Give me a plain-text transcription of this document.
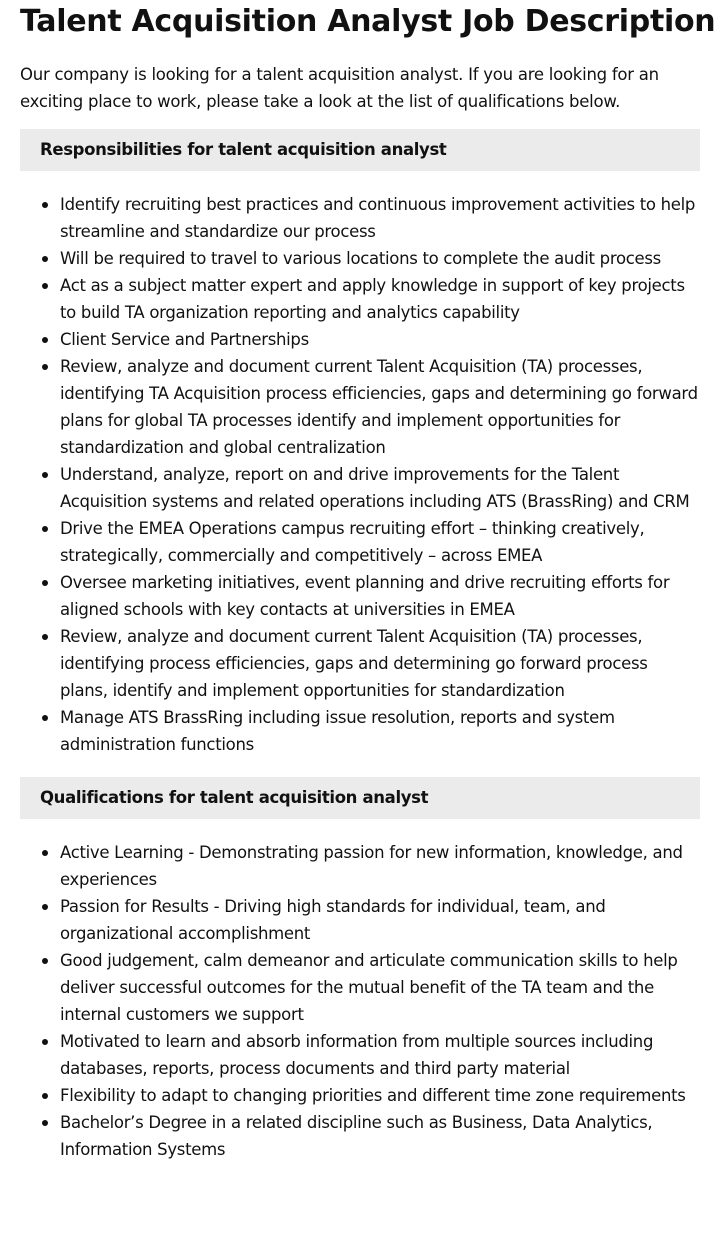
Talent Acquisition Analyst Job Description

Our company is looking for a talent acquisition analyst. If you are looking for an exciting place to work, please take a look at the list of qualifications below.

Responsibilities for talent acquisition analyst
Identify recruiting best practices and continuous improvement activities to help streamline and standardize our process
Will be required to travel to various locations to complete the audit process
Act as a subject matter expert and apply knowledge in support of key projects to build TA organization reporting and analytics capability
Client Service and Partnerships
Review, analyze and document current Talent Acquisition (TA) processes, identifying TA Acquisition process efficiencies, gaps and determining go forward plans for global TA processes identify and implement opportunities for standardization and global centralization
Understand, analyze, report on and drive improvements for the Talent Acquisition systems and related operations including ATS (BrassRing) and CRM
Drive the EMEA Operations campus recruiting effort – thinking creatively, strategically, commercially and competitively – across EMEA
Oversee marketing initiatives, event planning and drive recruiting efforts for aligned schools with key contacts at universities in EMEA
Review, analyze and document current Talent Acquisition (TA) processes, identifying process efficiencies, gaps and determining go forward process plans, identify and implement opportunities for standardization
Manage ATS BrassRing including issue resolution, reports and system administration functions
Qualifications for talent acquisition analyst
Active Learning - Demonstrating passion for new information, knowledge, and experiences
Passion for Results - Driving high standards for individual, team, and organizational accomplishment
Good judgement, calm demeanor and articulate communication skills to help deliver successful outcomes for the mutual benefit of the TA team and the internal customers we support
Motivated to learn and absorb information from multiple sources including databases, reports, process documents and third party material
Flexibility to adapt to changing priorities and different time zone requirements
Bachelor’s Degree in a related discipline such as Business, Data Analytics, Information Systems
